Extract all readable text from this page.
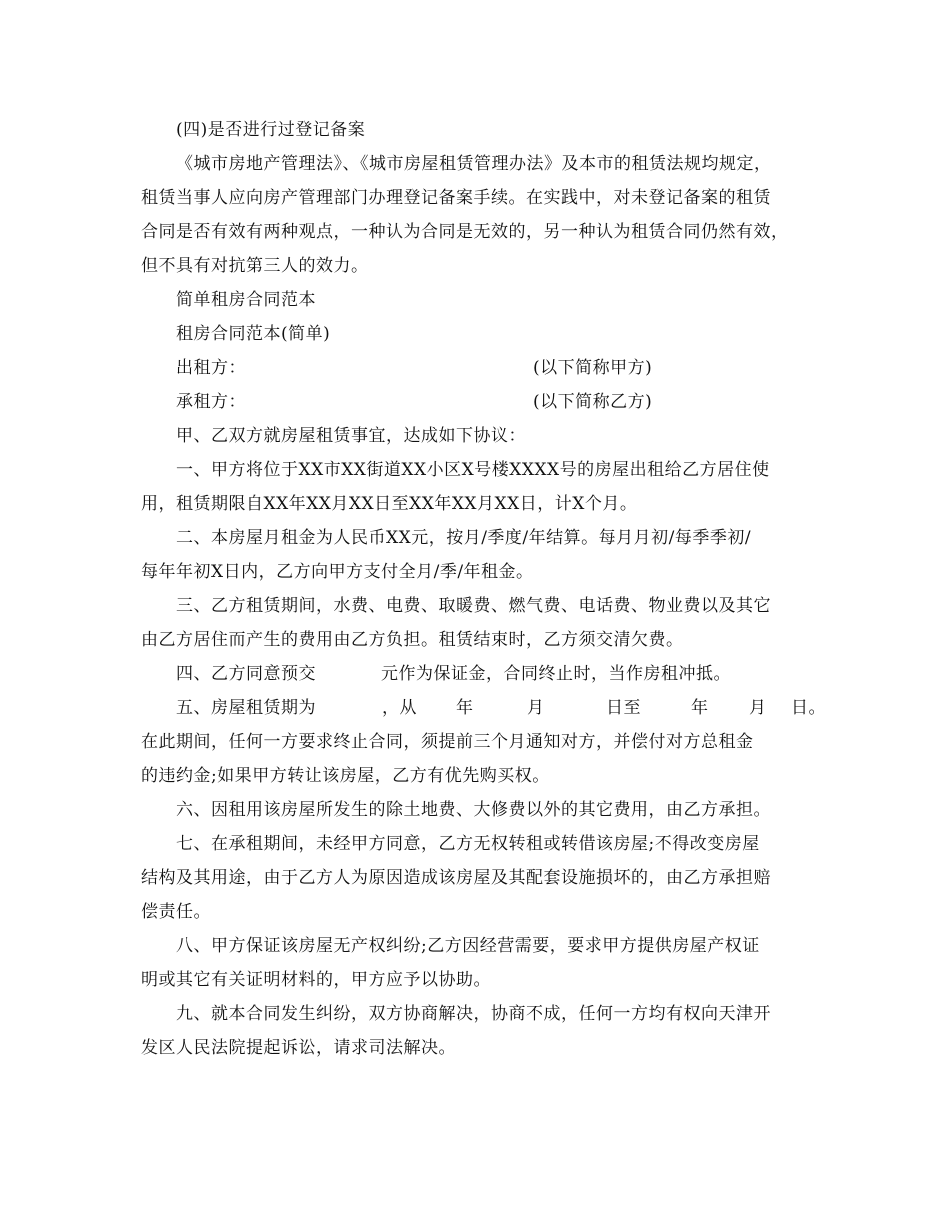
(四)是否进行过登记备案
《城市房地产管理法》、《城市房屋租赁管理办法》及本市的租赁法规均规定，
租赁当事人应向房产管理部门办理登记备案手续。在实践中，对未登记备案的租赁
合同是否有效有两种观点，一种认为合同是无效的，另一种认为租赁合同仍然有效，
但不具有对抗第三人的效力。
简单租房合同范本
租房合同范本(简单)

出租方：

	(以下简称甲方)

承租方：

	(以下简称乙方)

甲、乙双方就房屋租赁事宜，达成如下协议：
一、甲方将位于XX市XX街道XX小区X号楼XXXX号的房屋出租给乙方居住使
用，租赁期限自XX年XX月XX日至XX年XX月XX日，计X个月。
二、本房屋月租金为人民币XX元，按月/季度/年结算。每月月初/每季季初/
每年年初X日内，乙方向甲方支付全月/季/年租金。
三、乙方租赁期间，水费、电费、取暖费、燃气费、电话费、物业费以及其它
由乙方居住而产生的费用由乙方负担。租赁结束时，乙方须交清欠费。

四、乙方同意预交

	元作为保证金，合同终止时，当作房租冲抵。

五、房屋租赁期为

	，从

年

	月

	日至

	年

月

日。

在此期间，任何一方要求终止合同，须提前三个月通知对方，并偿付对方总租金
的违约金;如果甲方转让该房屋，乙方有优先购买权。
六、因租用该房屋所发生的除土地费、大修费以外的其它费用，由乙方承担。
七、在承租期间，未经甲方同意，乙方无权转租或转借该房屋;不得改变房屋
结构及其用途，由于乙方人为原因造成该房屋及其配套设施损坏的，由乙方承担赔
偿责任。
八、甲方保证该房屋无产权纠纷;乙方因经营需要，要求甲方提供房屋产权证
明或其它有关证明材料的，甲方应予以协助。
九、就本合同发生纠纷，双方协商解决，协商不成，任何一方均有权向天津开
发区人民法院提起诉讼，请求司法解决。
